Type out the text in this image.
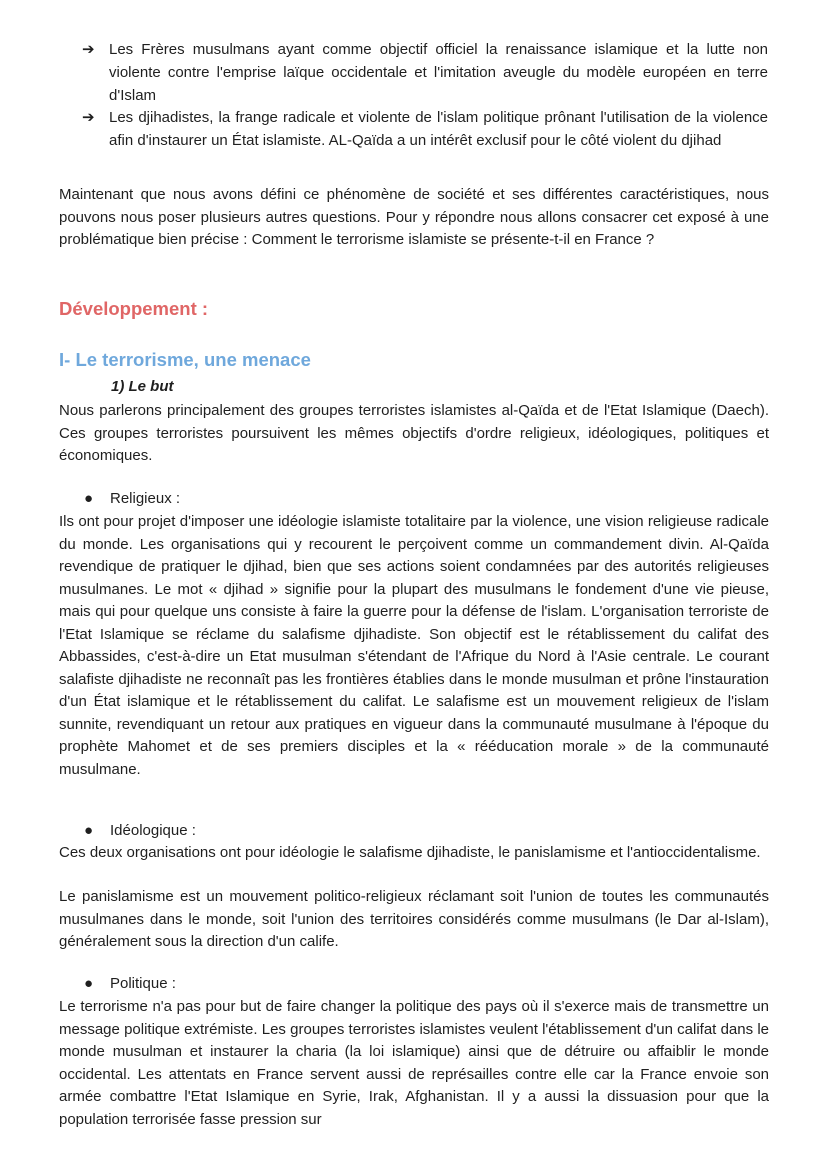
➔ Les Frères musulmans ayant comme objectif officiel la renaissance islamique et la lutte non violente contre l'emprise laïque occidentale et l'imitation aveugle du modèle européen en terre d'Islam
➔ Les djihadistes, la frange radicale et violente de l'islam politique prônant l'utilisation de la violence afin d'instaurer un État islamiste. AL-Qaïda a un intérêt exclusif pour le côté violent du djihad

Maintenant que nous avons défini ce phénomène de société et ses différentes caractéristiques, nous pouvons nous poser plusieurs autres questions. Pour y répondre nous allons consacrer cet exposé à une problématique bien précise : Comment le terrorisme islamiste se présente-t-il en France ?

Développement :
I- Le terrorisme, une menace
1) Le but

Nous parlerons principalement des groupes terroristes islamistes al-Qaïda et de l'Etat Islamique (Daech). Ces groupes terroristes poursuivent les mêmes objectifs d'ordre religieux, idéologiques, politiques et économiques.

● Religieux :

Ils ont pour projet d'imposer une idéologie islamiste totalitaire par la violence, une vision religieuse radicale du monde. Les organisations qui y recourent le perçoivent comme un commandement divin. Al-Qaïda revendique de pratiquer le djihad, bien que ses actions soient condamnées par des autorités religieuses musulmanes. Le mot « djihad » signifie pour la plupart des musulmans le fondement d'une vie pieuse, mais qui pour quelque uns consiste à faire la guerre pour la défense de l'islam. L'organisation terroriste de l'Etat Islamique se réclame du salafisme djihadiste. Son objectif est le rétablissement du califat des Abbassides, c'est-à-dire un Etat musulman s'étendant de l'Afrique du Nord à l'Asie centrale. Le courant salafiste djihadiste ne reconnaît pas les frontières établies dans le monde musulman et prône l'instauration d'un État islamique et le rétablissement du califat. Le salafisme est un mouvement religieux de l'islam sunnite, revendiquant un retour aux pratiques en vigueur dans la communauté musulmane à l'époque du prophète Mahomet et de ses premiers disciples et la « rééducation morale » de la communauté musulmane.

● Idéologique :

Ces deux organisations ont pour idéologie le salafisme djihadiste, le panislamisme et l'antioccidentalisme.

Le panislamisme est un mouvement politico-religieux réclamant soit l'union de toutes les communautés musulmanes dans le monde, soit l'union des territoires considérés comme musulmans (le Dar al-Islam), généralement sous la direction d'un calife.

● Politique :

Le terrorisme n'a pas pour but de faire changer la politique des pays où il s'exerce mais de transmettre un message politique extrémiste. Les groupes terroristes islamistes veulent l'établissement d'un califat dans le monde musulman et instaurer la charia (la loi islamique) ainsi que de détruire ou affaiblir le monde occidental. Les attentats en France servent aussi de représailles contre elle car la France envoie son armée combattre l'Etat Islamique en Syrie, Irak, Afghanistan. Il y a aussi la dissuasion pour que la population terrorisée fasse pression sur
